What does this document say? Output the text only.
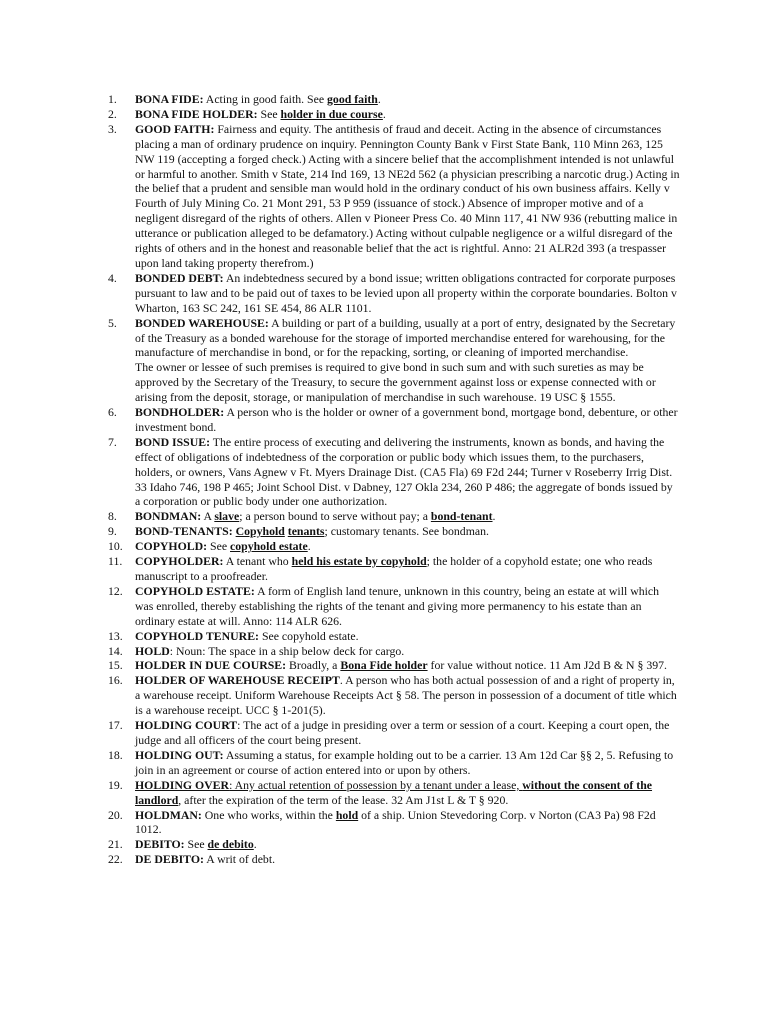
1.	BONA FIDE: Acting in good faith. See good faith.
2.	BONA FIDE HOLDER: See holder in due course.
3.	GOOD FAITH: Fairness and equity. The antithesis of fraud and deceit. Acting in the absence of circumstances placing a man of ordinary prudence on inquiry. Pennington County Bank v First State Bank, 110 Minn 263, 125 NW 119 (accepting a forged check.) Acting with a sincere belief that the accomplishment intended is not unlawful or harmful to another. Smith v State, 214 Ind 169, 13 NE2d 562 (a physician prescribing a narcotic drug.) Acting in the belief that a prudent and sensible man would hold in the ordinary conduct of his own business affairs. Kelly v Fourth of July Mining Co. 21 Mont 291, 53 P 959 (issuance of stock.) Absence of improper motive and of a negligent disregard of the rights of others. Allen v Pioneer Press Co. 40 Minn 117, 41 NW 936 (rebutting malice in utterance or publication alleged to be defamatory.) Acting without culpable negligence or a wilful disregard of the rights of others and in the honest and reasonable belief that the act is rightful. Anno: 21 ALR2d 393 (a trespasser upon land taking property therefrom.)
4.	BONDED DEBT: An indebtedness secured by a bond issue; written obligations contracted for corporate purposes pursuant to law and to be paid out of taxes to be levied upon all property within the corporate boundaries. Bolton v Wharton, 163 SC 242, 161 SE 454, 86 ALR 1101.
5.	BONDED WAREHOUSE: A building or part of a building, usually at a port of entry, designated by the Secretary of the Treasury as a bonded warehouse for the storage of imported merchandise entered for warehousing, for the manufacture of merchandise in bond, or for the repacking, sorting, or cleaning of imported merchandise.
The owner or lessee of such premises is required to give bond in such sum and with such sureties as may be approved by the Secretary of the Treasury, to secure the government against loss or expense connected with or arising from the deposit, storage, or manipulation of merchandise in such warehouse. 19 USC § 1555.
6.	BONDHOLDER: A person who is the holder or owner of a government bond, mortgage bond, debenture, or other investment bond.
7.	BOND ISSUE: The entire process of executing and delivering the instruments, known as bonds, and having the effect of obligations of indebtedness of the corporation or public body which issues them, to the purchasers, holders, or owners, Vans Agnew v Ft. Myers Drainage Dist. (CA5 Fla) 69 F2d 244; Turner v Roseberry Irrig Dist. 33 Idaho 746, 198 P 465; Joint School Dist. v Dabney, 127 Okla 234, 260 P 486; the aggregate of bonds issued by a corporation or public body under one authorization.
8.	BONDMAN: A slave; a person bound to serve without pay; a bond-tenant.
9.	BOND-TENANTS: Copyhold tenants; customary tenants. See bondman.
10.	COPYHOLD: See copyhold estate.
11.	COPYHOLDER: A tenant who held his estate by copyhold; the holder of a copyhold estate; one who reads manuscript to a proofreader.
12.	COPYHOLD ESTATE: A form of English land tenure, unknown in this country, being an estate at will which was enrolled, thereby establishing the rights of the tenant and giving more permanency to his estate than an ordinary estate at will. Anno: 114 ALR 626.
13.	COPYHOLD TENURE: See copyhold estate.
14.	HOLD: Noun: The space in a ship below deck for cargo.
15.	HOLDER IN DUE COURSE: Broadly, a Bona Fide holder for value without notice. 11 Am J2d B & N § 397.
16.	HOLDER OF WAREHOUSE RECEIPT. A person who has both actual possession of and a right of property in, a warehouse receipt. Uniform Warehouse Receipts Act § 58. The person in possession of a document of title which is a warehouse receipt. UCC § 1-201(5).
17.	HOLDING COURT: The act of a judge in presiding over a term or session of a court. Keeping a court open, the judge and all officers of the court being present.
18.	HOLDING OUT: Assuming a status, for example holding out to be a carrier. 13 Am 12d Car §§ 2, 5. Refusing to join in an agreement or course of action entered into or upon by others.
19.	HOLDING OVER: Any actual retention of possession by a tenant under a lease, without the consent of the landlord, after the expiration of the term of the lease. 32 Am J1st L & T § 920.
20.	HOLDMAN: One who works, within the hold of a ship. Union Stevedoring Corp. v Norton (CA3 Pa) 98 F2d 1012.
21.	DEBITO: See de debito.
22.	DE DEBITO: A writ of debt.
